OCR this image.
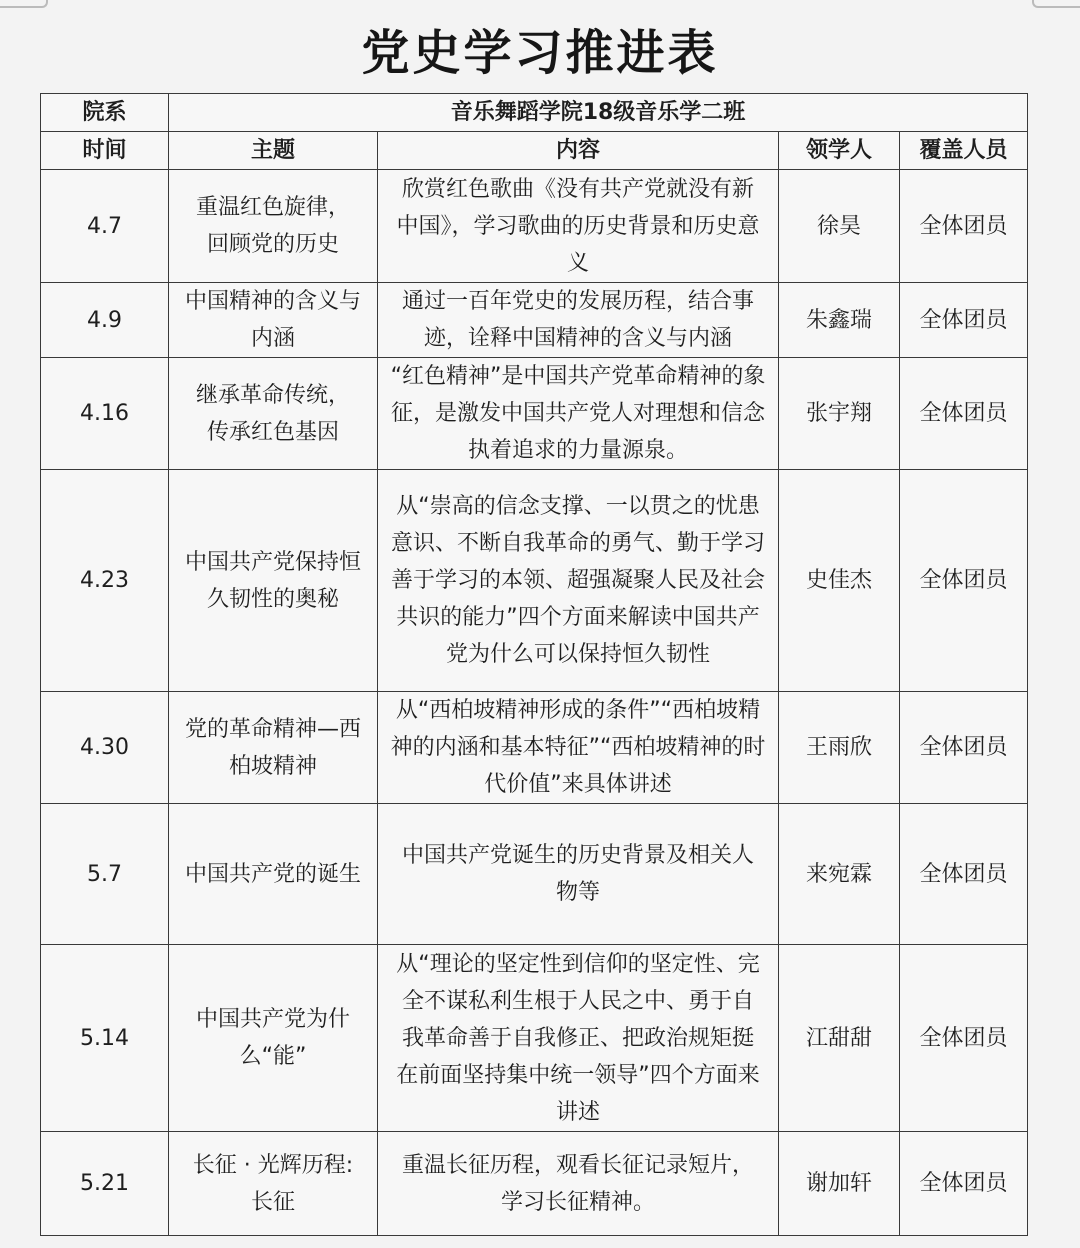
党史学习推进表
院系	音乐舞蹈学院18级音乐学二班			
时间	主题	内容	领学人	覆盖人员
4.7	重温红色旋律，回顾党的历史	欣赏红色歌曲《没有共产党就没有新中国》，学习歌曲的历史背景和历史意义	徐昊	全体团员
4.9	中国精神的含义与内涵	通过一百年党史的发展历程，结合事迹，诠释中国精神的含义与内涵	朱鑫瑞	全体团员
4.16	继承革命传统，传承红色基因	“红色精神”是中国共产党革命精神的象征，是激发中国共产党人对理想和信念执着追求的力量源泉。	张宇翔	全体团员
4.23	中国共产党保持恒久韧性的奥秘	从“崇高的信念支撑、一以贯之的忧患意识、不断自我革命的勇气、勤于学习善于学习的本领、超强凝聚人民及社会共识的能力”四个方面来解读中国共产党为什么可以保持恒久韧性	史佳杰	全体团员
4.30	党的革命精神—西柏坡精神	从“西柏坡精神形成的条件”“西柏坡精神的内涵和基本特征”“西柏坡精神的时代价值”来具体讲述	王雨欣	全体团员
5.7	中国共产党的诞生	中国共产党诞生的历史背景及相关人物等	来宛霖	全体团员
5.14	中国共产党为什么“能”	从“理论的坚定性到信仰的坚定性、完全不谋私利生根于人民之中、勇于自我革命善于自我修正、把政治规矩挺在前面坚持集中统一领导”四个方面来讲述	江甜甜	全体团员
5.21	长征 · 光辉历程: 长征	重温长征历程，观看长征记录短片，学习长征精神。	谢加轩	全体团员
